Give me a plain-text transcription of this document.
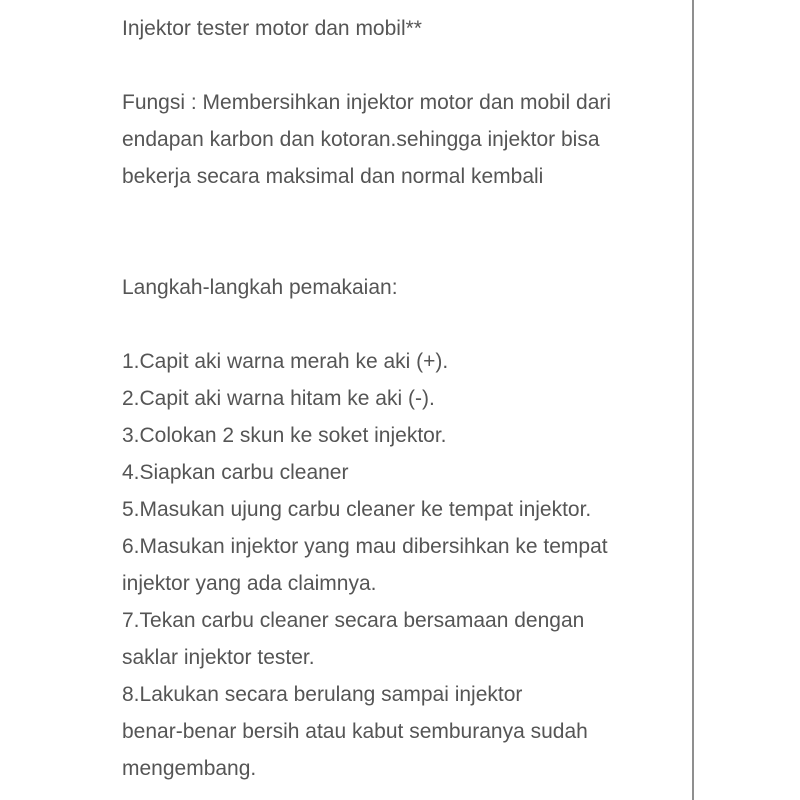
Injektor tester motor dan mobil**
Fungsi : Membersihkan injektor motor dan mobil dari
endapan karbon dan kotoran.sehingga injektor bisa
bekerja secara maksimal dan normal kembali
Langkah-langkah pemakaian:
1.Capit aki warna merah ke aki (+).
2.Capit aki warna hitam ke aki (-).
3.Colokan 2 skun ke soket injektor.
4.Siapkan carbu cleaner
5.Masukan ujung carbu cleaner ke tempat injektor.
6.Masukan injektor yang mau dibersihkan ke tempat
injektor yang ada claimnya.
7.Tekan carbu cleaner secara bersamaan dengan
saklar injektor tester.
8.Lakukan secara berulang sampai injektor
benar-benar bersih atau kabut semburanya sudah
mengembang.
